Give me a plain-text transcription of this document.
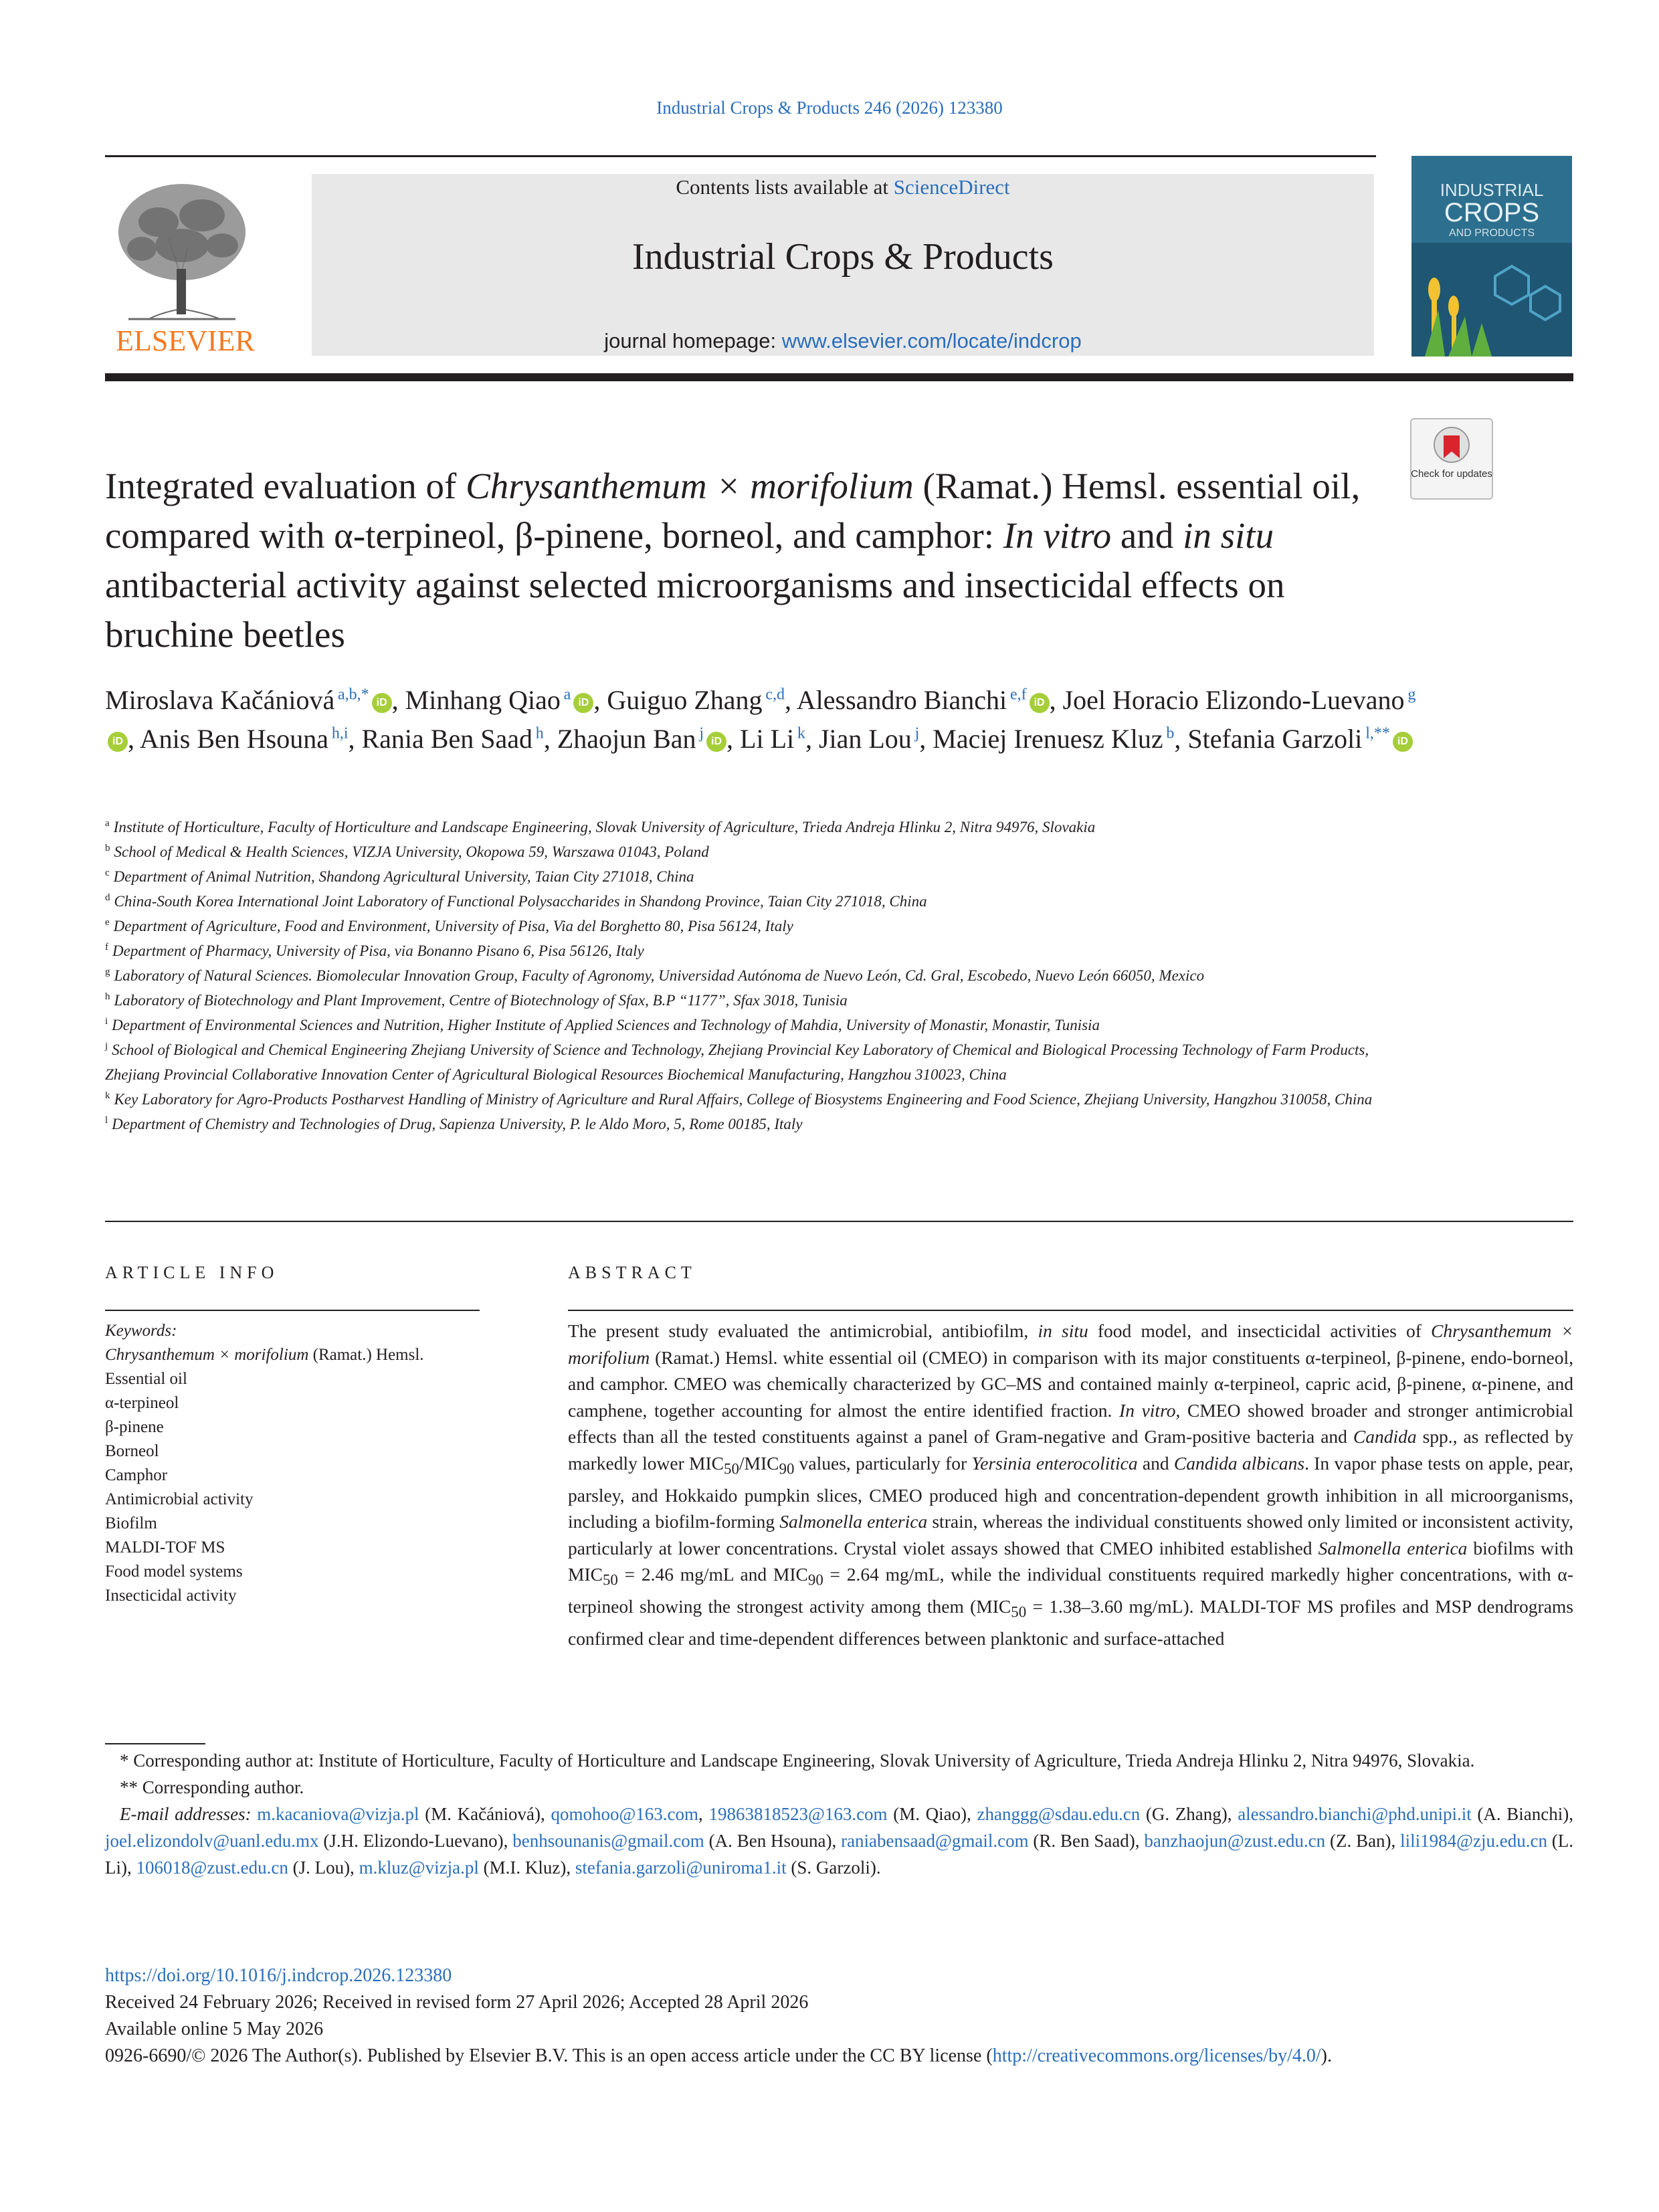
Industrial Crops & Products 246 (2026) 123380
ELSEVIER
Contents lists available at ScienceDirect
Industrial Crops & Products
journal homepage: www.elsevier.com/locate/indcrop
INDUSTRIAL
CROPS
AND PRODUCTS
Check for updates
Integrated evaluation of Chrysanthemum × morifolium (Ramat.) Hemsl. essential oil, compared with α-terpineol, β-pinene, borneol, and camphor: In vitro and in situ antibacterial activity against selected microorganisms and insecticidal effects on bruchine beetles
Miroslava Kačániová $^{a,b,*}$ iD , Minhang Qiao $^a$ iD , Guiguo Zhang $^{c,d}$, Alessandro Bianchi $^{e,f}$ iD , Joel Horacio Elizondo-Luevano $^g$iD , Anis Ben Hsouna $^{h,i}$, Rania Ben Saad $^h$, Zhaojun Ban $^j$ iD , Li Li $^k$, Jian Lou $^j$, Maciej Irenuesz Kluz $^b$, Stefania Garzoli $^{l,**}$ iD

$^a$ Institute of Horticulture, Faculty of Horticulture and Landscape Engineering, Slovak University of Agriculture, Trieda Andreja Hlinku 2, Nitra 94976, Slovakia

$^b$ School of Medical & Health Sciences, VIZJA University, Okopowa 59, Warszawa 01043, Poland

$^c$ Department of Animal Nutrition, Shandong Agricultural University, Taian City 271018, China

$^d$ China-South Korea International Joint Laboratory of Functional Polysaccharides in Shandong Province, Taian City 271018, China

$^e$ Department of Agriculture, Food and Environment, University of Pisa, Via del Borghetto 80, Pisa 56124, Italy

$^f$ Department of Pharmacy, University of Pisa, via Bonanno Pisano 6, Pisa 56126, Italy

$^g$ Laboratory of Natural Sciences. Biomolecular Innovation Group, Faculty of Agronomy, Universidad Autónoma de Nuevo León, Cd. Gral, Escobedo, Nuevo León 66050, Mexico

$^h$ Laboratory of Biotechnology and Plant Improvement, Centre of Biotechnology of Sfax, B.P “1177”, Sfax 3018, Tunisia

$^i$ Department of Environmental Sciences and Nutrition, Higher Institute of Applied Sciences and Technology of Mahdia, University of Monastir, Monastir, Tunisia

$^j$ School of Biological and Chemical Engineering Zhejiang University of Science and Technology, Zhejiang Provincial Key Laboratory of Chemical and Biological Processing Technology of Farm Products, Zhejiang Provincial Collaborative Innovation Center of Agricultural Biological Resources Biochemical Manufacturing, Hangzhou 310023, China

$^k$ Key Laboratory for Agro-Products Postharvest Handling of Ministry of Agriculture and Rural Affairs, College of Biosystems Engineering and Food Science, Zhejiang University, Hangzhou 310058, China

$^l$ Department of Chemistry and Technologies of Drug, Sapienza University, P. le Aldo Moro, 5, Rome 00185, Italy

ARTICLE INFO
Keywords:
Chrysanthemum × morifolium (Ramat.) Hemsl.
Essential oil
α-terpineol
β-pinene
Borneol
Camphor
Antimicrobial activity
Biofilm
MALDI-TOF MS
Food model systems
Insecticidal activity
ABSTRACT
The present study evaluated the antimicrobial, antibiofilm, in situ food model, and insecticidal activities of Chrysanthemum × morifolium (Ramat.) Hemsl. white essential oil (CMEO) in comparison with its major constituents α-terpineol, β-pinene, endo-borneol, and camphor. CMEO was chemically characterized by GC–MS and contained mainly α-terpineol, capric acid, β-pinene, α-pinene, and camphene, together accounting for almost the entire identified fraction. In vitro, CMEO showed broader and stronger antimicrobial effects than all the tested constituents against a panel of Gram-negative and Gram-positive bacteria and Candida spp., as reflected by markedly lower $MIC_{50}/MIC_{90}$ values, particularly for Yersinia enterocolitica and Candida albicans. In vapor phase tests on apple, pear, parsley, and Hokkaido pumpkin slices, CMEO produced high and concentration-dependent growth inhibition in all microorganisms, including a biofilm-forming Salmonella enterica strain, whereas the individual constituents showed only limited or inconsistent activity, particularly at lower concentrations. Crystal violet assays showed that CMEO inhibited established Salmonella enterica biofilms with $MIC_{50} = 2.46$ mg/mL and $MIC_{90} = 2.64$ mg/mL, while the individual constituents required markedly higher concentrations, with α-terpineol showing the strongest activity among them ($MIC_{50} = 1.38-3.60$ mg/mL). MALDI-TOF MS profiles and MSP dendrograms confirmed clear and time-dependent differences between planktonic and surface-attached

* Corresponding author at: Institute of Horticulture, Faculty of Horticulture and Landscape Engineering, Slovak University of Agriculture, Trieda Andreja Hlinku 2, Nitra 94976, Slovakia.

** Corresponding author.

E-mail addresses: m.kacaniova@vizja.pl (M. Kačániová), qomohoo@163.com, 19863818523@163.com (M. Qiao), zhanggg@sdau.edu.cn (G. Zhang), alessandro.bianchi@phd.unipi.it (A. Bianchi), joel.elizondolv@uanl.edu.mx (J.H. Elizondo-Luevano), benhsounanis@gmail.com (A. Ben Hsouna), raniabensaad@gmail.com (R. Ben Saad), banzhaojun@zust.edu.cn (Z. Ban), lili1984@zju.edu.cn (L. Li), 106018@zust.edu.cn (J. Lou), m.kluz@vizja.pl (M.I. Kluz), stefania.garzoli@uniroma1.it (S. Garzoli).

https://doi.org/10.1016/j.indcrop.2026.123380

Received 24 February 2026; Received in revised form 27 April 2026; Accepted 28 April 2026

Available online 5 May 2026

0926-6690/© 2026 The Author(s). Published by Elsevier B.V. This is an open access article under the CC BY license (http://creativecommons.org/licenses/by/4.0/).
